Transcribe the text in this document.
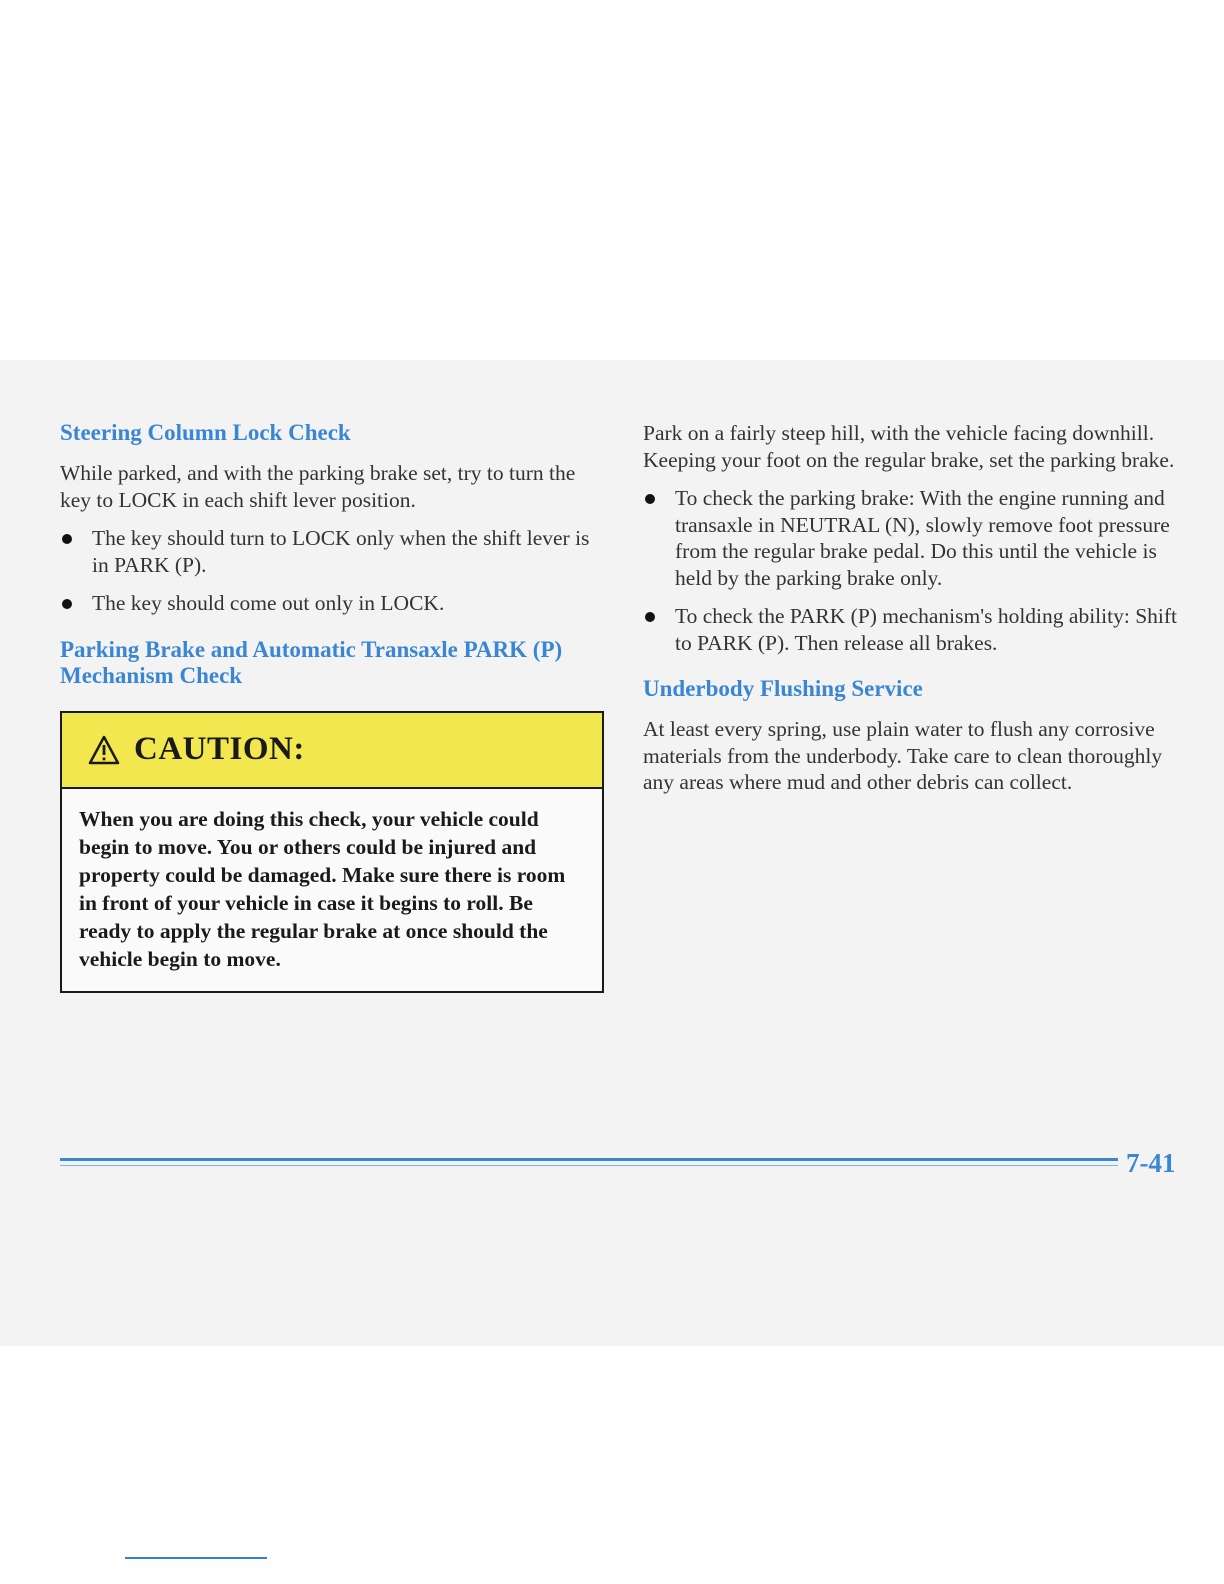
Steering Column Lock Check

While parked, and with the parking brake set, try to turn the key to LOCK in each shift lever position.

The key should turn to LOCK only when the shift lever is in PARK (P).
The key should come out only in LOCK.
Parking Brake and Automatic Transaxle PARK (P) Mechanism Check
CAUTION:
When you are doing this check, your vehicle could begin to move. You or others could be injured and property could be damaged. Make sure there is room in front of your vehicle in case it begins to roll. Be ready to apply the regular brake at once should the vehicle begin to move.

Park on a fairly steep hill, with the vehicle facing downhill. Keeping your foot on the regular brake, set the parking brake.

To check the parking brake: With the engine running and transaxle in NEUTRAL (N), slowly remove foot pressure from the regular brake pedal. Do this until the vehicle is held by the parking brake only.
To check the PARK (P) mechanism's holding ability: Shift to PARK (P). Then release all brakes.
Underbody Flushing Service

At least every spring, use plain water to flush any corrosive materials from the underbody. Take care to clean thoroughly any areas where mud and other debris can collect.

7-41
